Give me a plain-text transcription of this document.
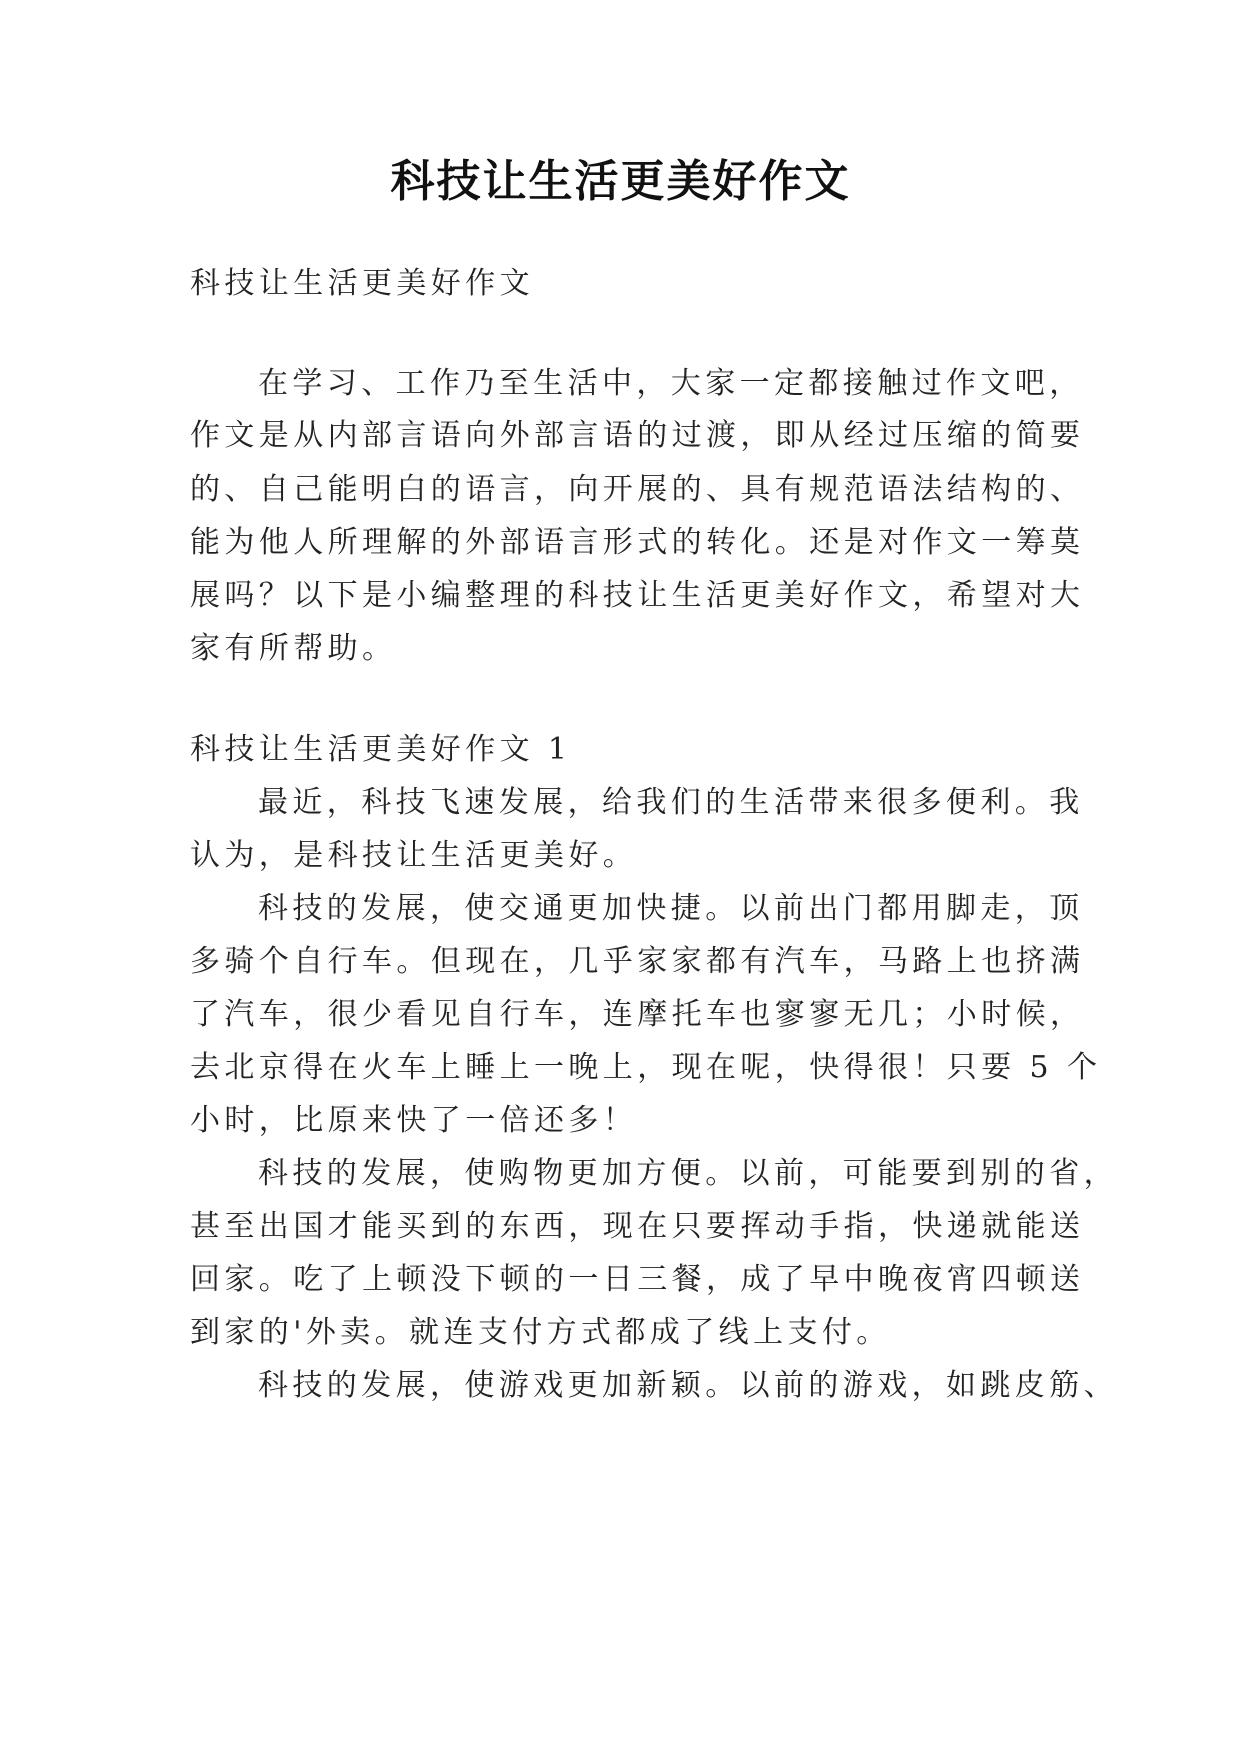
科技让生活更美好作文
科技让生活更美好作文
在学习、工作乃至生活中，大家一定都接触过作文吧，
作文是从内部言语向外部言语的过渡，即从经过压缩的简要
的、自己能明白的语言，向开展的、具有规范语法结构的、
能为他人所理解的外部语言形式的转化。还是对作文一筹莫
展吗？以下是小编整理的科技让生活更美好作文，希望对大
家有所帮助。
科技让生活更美好作文 1
最近，科技飞速发展，给我们的生活带来很多便利。我
认为，是科技让生活更美好。
科技的发展，使交通更加快捷。以前出门都用脚走，顶
多骑个自行车。但现在，几乎家家都有汽车，马路上也挤满
了汽车，很少看见自行车，连摩托车也寥寥无几；小时候，
去北京得在火车上睡上一晚上，现在呢，快得很！只要 5 个
小时，比原来快了一倍还多！
科技的发展，使购物更加方便。以前，可能要到别的省，
甚至出国才能买到的东西，现在只要挥动手指，快递就能送
回家。吃了上顿没下顿的一日三餐，成了早中晚夜宵四顿送
到家的'外卖。就连支付方式都成了线上支付。
科技的发展，使游戏更加新颖。以前的游戏，如跳皮筋、
